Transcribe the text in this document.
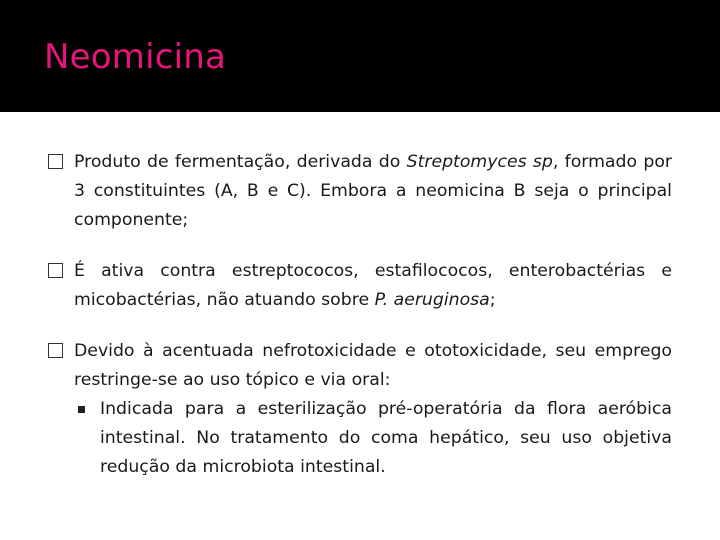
Neomicina
Produto de fermentação, derivada do Streptomyces sp, formado por 3 constituintes (A, B e C). Embora a neomicina B seja o principal componente;
É ativa contra estreptococos, estafilococos, enterobactérias e micobactérias, não atuando sobre P. aeruginosa;
Devido à acentuada nefrotoxicidade e ototoxicidade, seu emprego restringe-se ao uso tópico e via oral:
Indicada para a esterilização pré-operatória da flora aeróbica intestinal. No tratamento do coma hepático, seu uso objetiva redução da microbiota intestinal.
